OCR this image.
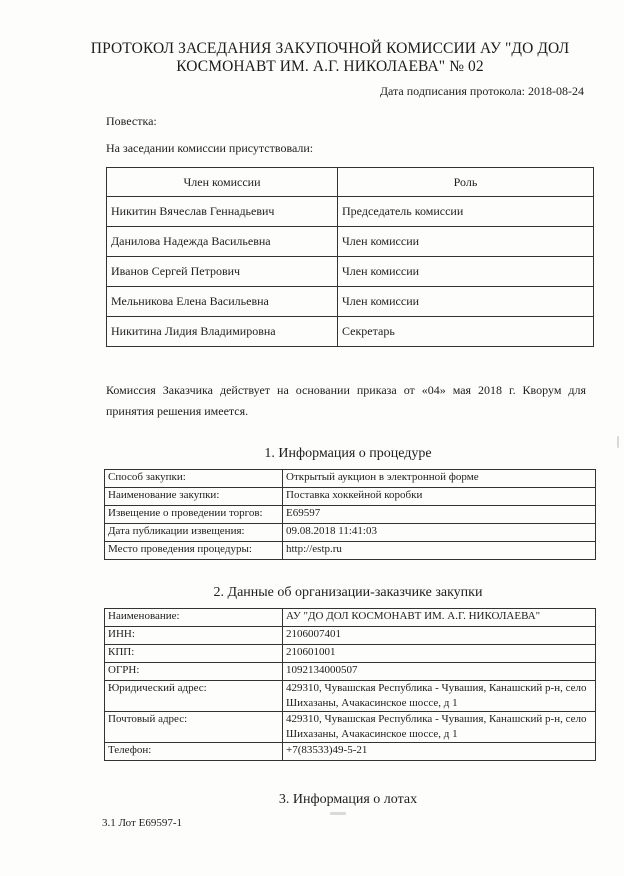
ПРОТОКОЛ ЗАСЕДАНИЯ ЗАКУПОЧНОЙ КОМИССИИ АУ "ДО ДОЛ
КОСМОНАВТ ИМ. А.Г. НИКОЛАЕВА" № 02
Дата подписания протокола: 2018-08-24
Повестка:
На заседании комиссии присутствовали:
Член комиссии	Роль
Никитин Вячеслав Геннадьевич	Председатель комиссии
Данилова Надежда Васильевна	Член комиссии
Иванов Сергей Петрович	Член комиссии
Мельникова Елена Васильевна	Член комиссии
Никитина Лидия Владимировна	Секретарь
Комиссия Заказчика действует на основании приказа от «04» мая 2018 г. Кворум для принятия решения имеется.
1. Информация о процедуре
Способ закупки:	Открытый аукцион в электронной форме
Наименование закупки:	Поставка хоккейной коробки
Извещение о проведении торгов:	E69597
Дата публикации извещения:	09.08.2018 11:41:03
Место проведения процедуры:	http://estp.ru
2. Данные об организации-заказчике закупки
Наименование:	АУ "ДО ДОЛ КОСМОНАВТ ИМ. А.Г. НИКОЛАЕВА"
ИНН:	2106007401
КПП:	210601001
ОГРН:	1092134000507
Юридический адрес:	429310, Чувашская Республика - Чувашия, Канашский р-н, село Шихазаны, Ачакасинское шоссе, д 1
Почтовый адрес:	429310, Чувашская Республика - Чувашия, Канашский р-н, село Шихазаны, Ачакасинское шоссе, д 1
Телефон:	+7(83533)49-5-21
3. Информация о лотах
3.1 Лот E69597-1
